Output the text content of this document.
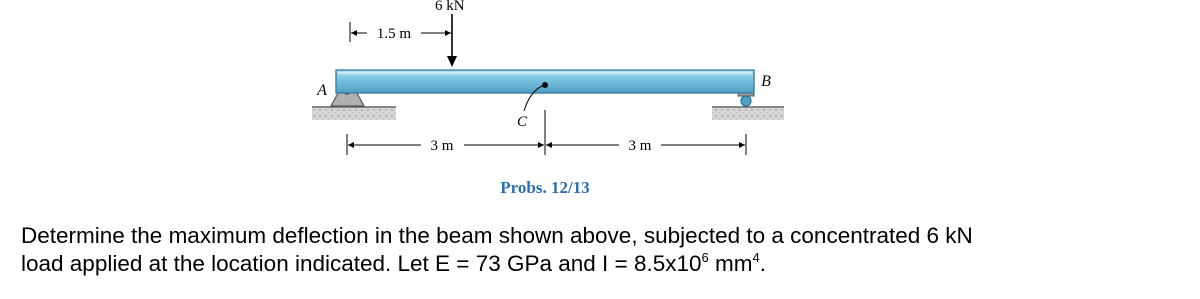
A
B
C
6 kN
1.5 m
3 m	3 m
Probs. 12/13
Determine the maximum deflection in the beam shown above, subjected to a concentrated 6 kN
load applied at the location indicated. Let E = 73 GPa and $I = 8.5x10^6$ $mm^4$.
